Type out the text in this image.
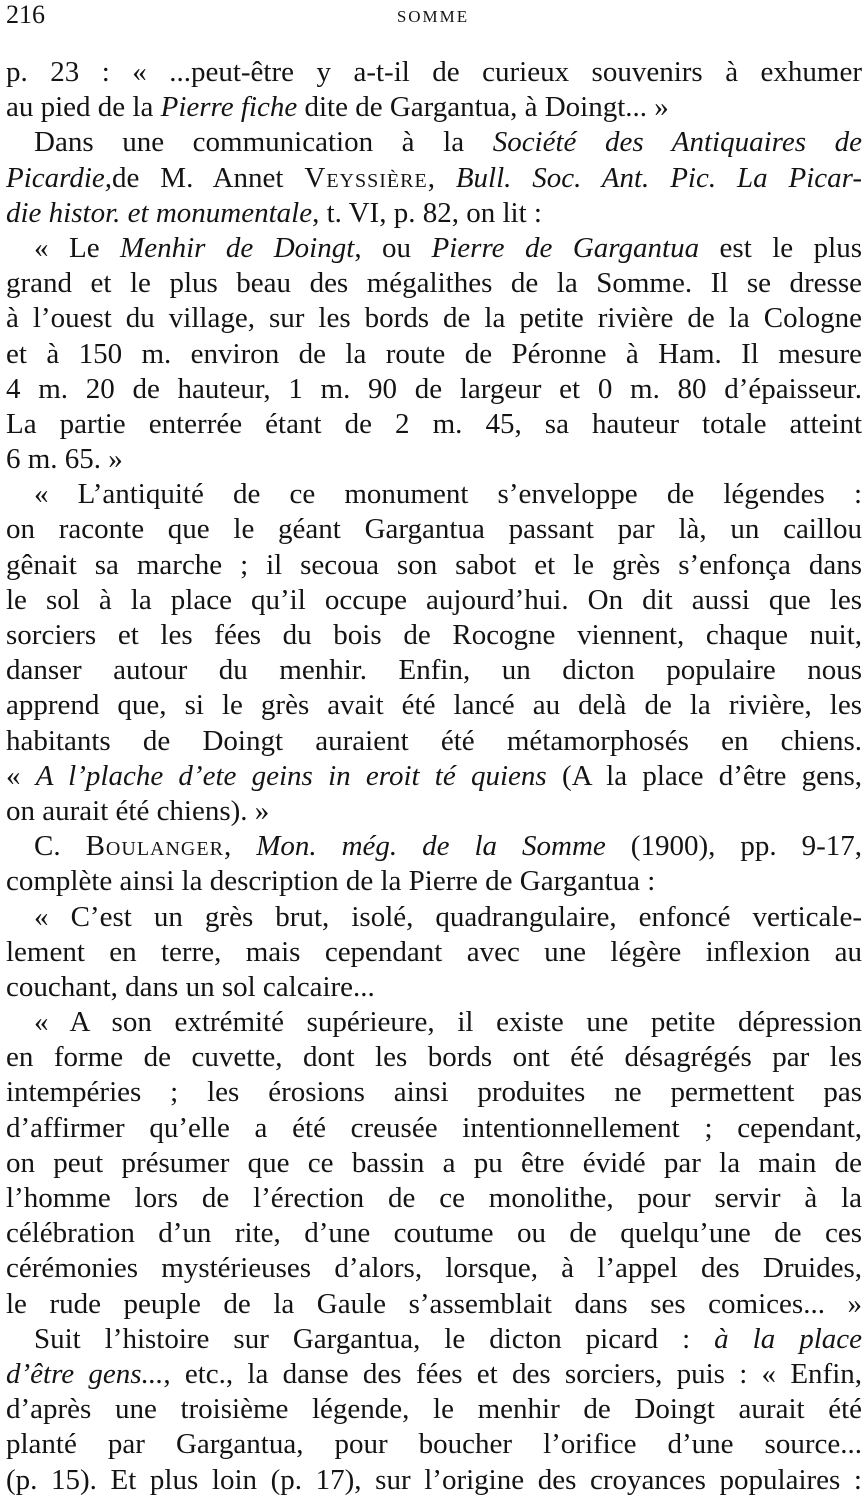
216	SOMME
p. 23 : « ...peut-être y a-t-il de curieux souvenirs à exhumer
au pied de la Pierre fiche dite de Gargantua, à Doingt... »
Dans une communication à la Société des Antiquaires de
Picardie,de M. Annet Veyssière, Bull. Soc. Ant. Pic. La Picar-
die histor. et monumentale, t. VI, p. 82, on lit :
« Le Menhir de Doingt, ou Pierre de Gargantua est le plus
grand et le plus beau des mégalithes de la Somme. Il se dresse
à l’ouest du village, sur les bords de la petite rivière de la Cologne
et à 150 m. environ de la route de Péronne à Ham. Il mesure
4 m. 20 de hauteur, 1 m. 90 de largeur et 0 m. 80 d’épaisseur.
La partie enterrée étant de 2 m. 45, sa hauteur totale atteint
6 m. 65. »
« L’antiquité de ce monument s’enveloppe de légendes :
on raconte que le géant Gargantua passant par là, un caillou
gênait sa marche ; il secoua son sabot et le grès s’enfonça dans
le sol à la place qu’il occupe aujourd’hui. On dit aussi que les
sorciers et les fées du bois de Rocogne viennent, chaque nuit,
danser autour du menhir. Enfin, un dicton populaire nous
apprend que, si le grès avait été lancé au delà de la rivière, les
habitants de Doingt auraient été métamorphosés en chiens.
« A l’plache d’ete geins in eroit té quiens (A la place d’être gens,
on aurait été chiens). »
C. Boulanger, Mon. még. de la Somme (1900), pp. 9-17,
complète ainsi la description de la Pierre de Gargantua :
« C’est un grès brut, isolé, quadrangulaire, enfoncé verticale-
lement en terre, mais cependant avec une légère inflexion au
couchant, dans un sol calcaire...
« A son extrémité supérieure, il existe une petite dépression
en forme de cuvette, dont les bords ont été désagrégés par les
intempéries ; les érosions ainsi produites ne permettent pas
d’affirmer qu’elle a été creusée intentionnellement ; cependant,
on peut présumer que ce bassin a pu être évidé par la main de
l’homme lors de l’érection de ce monolithe, pour servir à la
célébration d’un rite, d’une coutume ou de quelqu’une de ces
cérémonies mystérieuses d’alors, lorsque, à l’appel des Druides,
le rude peuple de la Gaule s’assemblait dans ses comices... »
Suit l’histoire sur Gargantua, le dicton picard : à la place
d’être gens..., etc., la danse des fées et des sorciers, puis : « Enfin,
d’après une troisième légende, le menhir de Doingt aurait été
planté par Gargantua, pour boucher l’orifice d’une source...
(p. 15). Et plus loin (p. 17), sur l’origine des croyances populaires :
